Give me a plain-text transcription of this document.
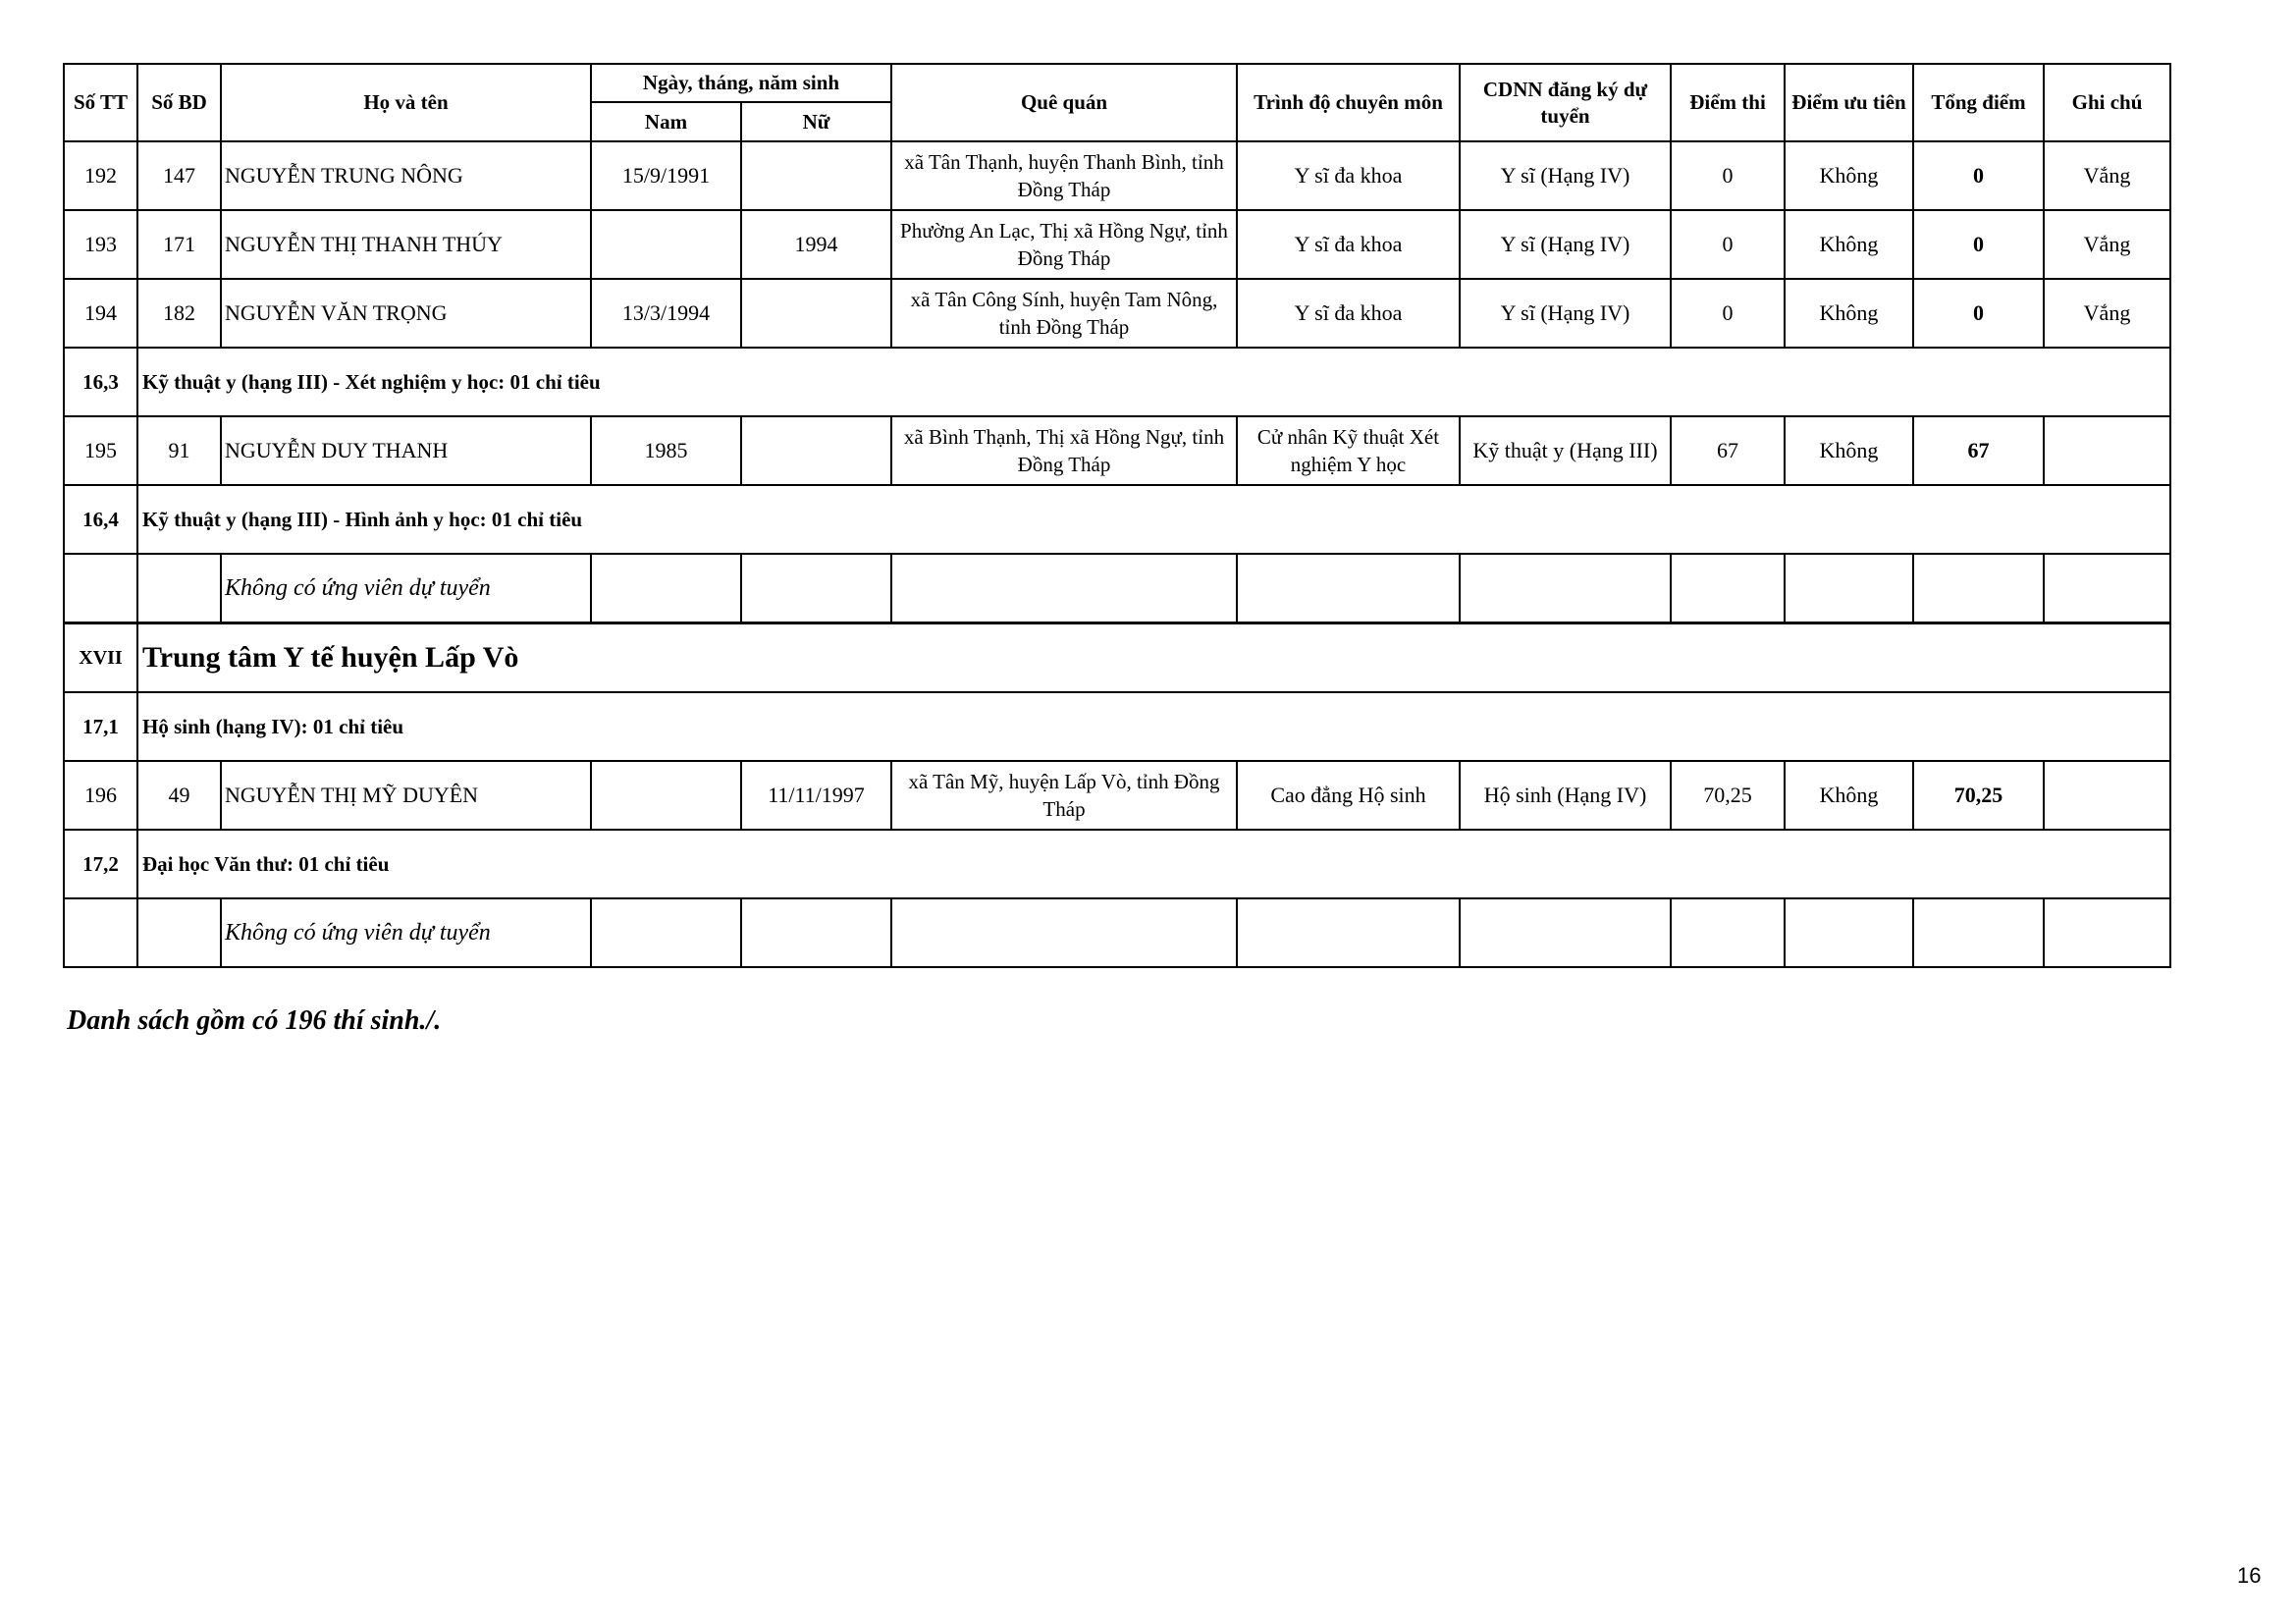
Số TT	Số BD	Họ và tên	Ngày, tháng, năm sinh		Quê quán	Trình độ chuyên môn	CDNN đăng ký dự tuyển	Điểm thi	Điểm ưu tiên	Tổng điểm	Ghi chú
			Nam	Nữ							
192	147	NGUYỄN TRUNG NÔNG	15/9/1991		xã Tân Thạnh, huyện Thanh Bình, tỉnh Đồng Tháp	Y sĩ đa khoa	Y sĩ (Hạng IV)	0	Không	0	Vắng
193	171	NGUYỄN THỊ THANH THÚY		1994	Phường An Lạc, Thị xã Hồng Ngự, tỉnh Đồng Tháp	Y sĩ đa khoa	Y sĩ (Hạng IV)	0	Không	0	Vắng
194	182	NGUYỄN VĂN TRỌNG	13/3/1994		xã Tân Công Sính, huyện Tam Nông, tỉnh Đồng Tháp	Y sĩ đa khoa	Y sĩ (Hạng IV)	0	Không	0	Vắng
16,3	Kỹ thuật y (hạng III) - Xét nghiệm y học: 01 chỉ tiêu										
195	91	NGUYỄN DUY THANH	1985		xã Bình Thạnh, Thị xã Hồng Ngự, tỉnh Đồng Tháp	Cử nhân Kỹ thuật Xét nghiệm Y học	Kỹ thuật y (Hạng III)	67	Không	67	
16,4	Kỹ thuật y (hạng III) - Hình ảnh y học: 01 chỉ tiêu										
		Không có ứng viên dự tuyển									
XVII	Trung tâm Y tế huyện Lấp Vò										
17,1	Hộ sinh (hạng IV): 01 chỉ tiêu										
196	49	NGUYỄN THỊ MỸ DUYÊN		11/11/1997	xã Tân Mỹ, huyện Lấp Vò, tỉnh Đồng Tháp	Cao đẳng Hộ sinh	Hộ sinh (Hạng IV)	70,25	Không	70,25	
17,2	Đại học Văn thư: 01 chỉ tiêu										
		Không có ứng viên dự tuyển									
Danh sách gồm có 196 thí sinh./.
16
